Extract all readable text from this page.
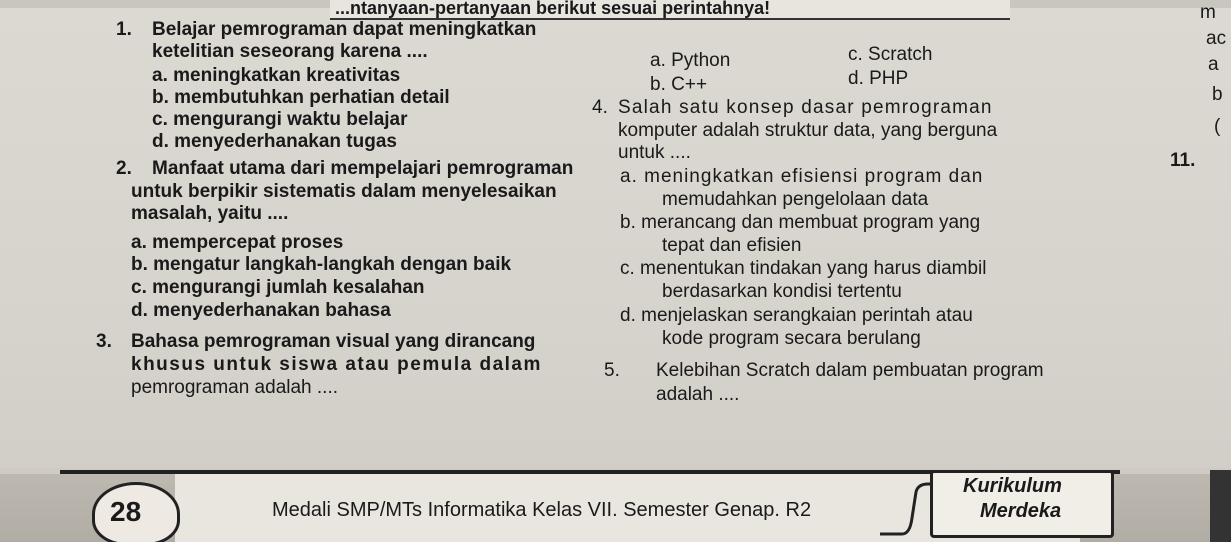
...ntanyaan-pertanyaan berikut sesuai perintahnya!
1. Belajar pemrograman dapat meningkatkan
ketelitian seseorang karena ....
a. meningkatkan kreativitas
b. membutuhkan perhatian detail
c. mengurangi waktu belajar
d. menyederhanakan tugas
2. Manfaat utama dari mempelajari pemrograman
untuk berpikir sistematis dalam menyelesaikan
masalah, yaitu ....
a. mempercepat proses
b. mengatur langkah-langkah dengan baik
c. mengurangi jumlah kesalahan
d. menyederhanakan bahasa
3. Bahasa pemrograman visual yang dirancang
khusus untuk siswa atau pemula dalam
pemrograman adalah ....
a. Python
b. C++
c. Scratch
d. PHP
4. Salah satu konsep dasar pemrograman
komputer adalah struktur data, yang berguna
untuk ....
a. meningkatkan efisiensi program dan
memudahkan pengelolaan data
b. merancang dan membuat program yang
tepat dan efisien
c. menentukan tindakan yang harus diambil
berdasarkan kondisi tertentu
d. menjelaskan serangkaian perintah atau
kode program secara berulang
5. Kelebihan Scratch dalam pembuatan program
adalah ....
m
ac
a
b
(
11.
28	Medali SMP/MTs Informatika Kelas VII. Semester Genap. R2
Kurikulum
Merdeka
